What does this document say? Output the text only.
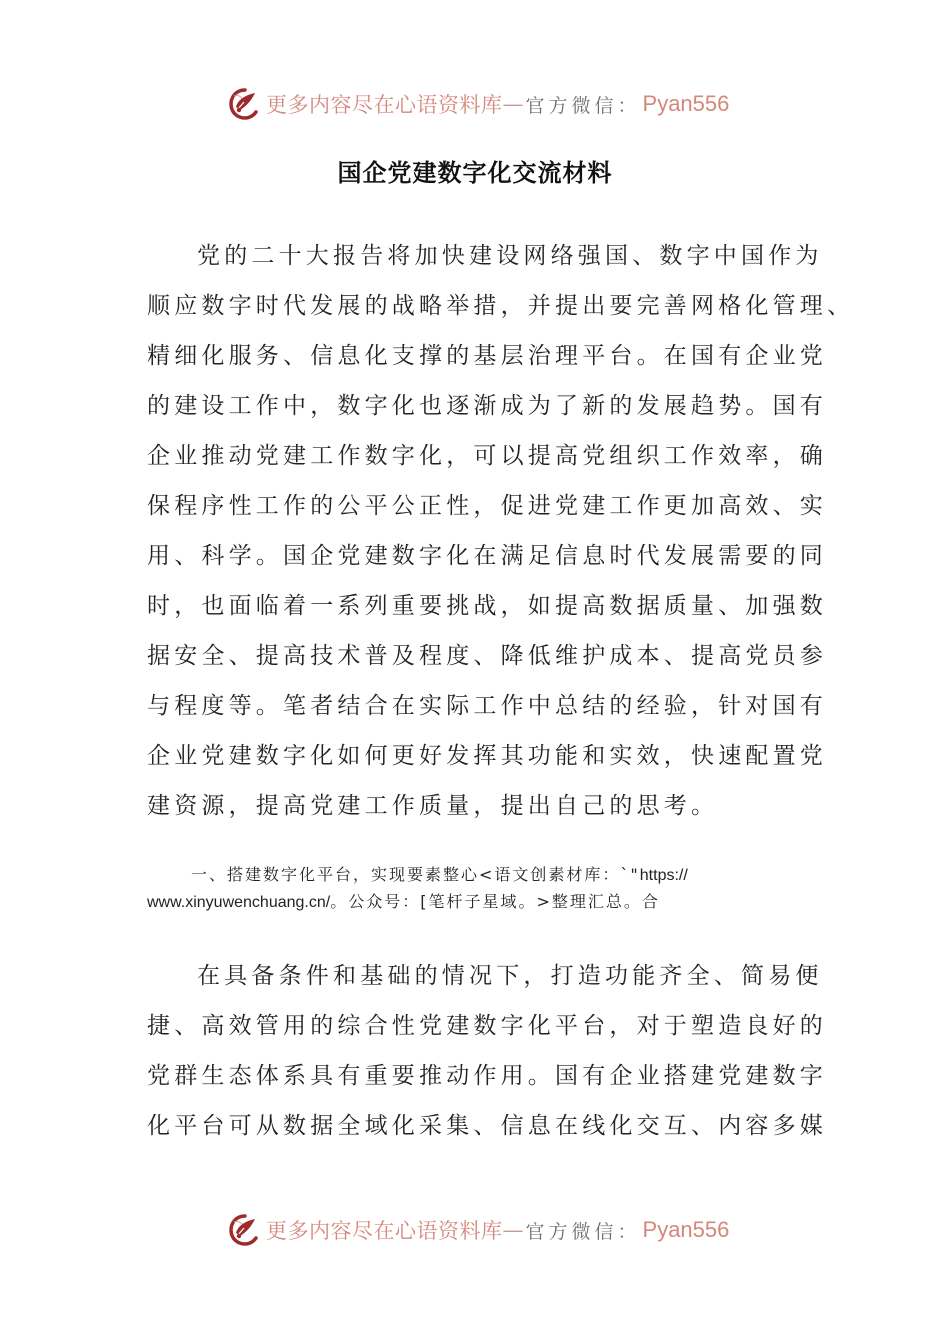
更多内容尽在心语资料库 — 官方微信： Pyan556
国企党建数字化交流材料
党的二十大报告将加快建设网络强国、数字中国作为
顺应数字时代发展的战略举措，并提出要完善网格化管理、
精细化服务、信息化支撑的基层治理平台。在国有企业党
的建设工作中，数字化也逐渐成为了新的发展趋势。国有
企业推动党建工作数字化，可以提高党组织工作效率，确
保程序性工作的公平公正性，促进党建工作更加高效、实
用、科学。国企党建数字化在满足信息时代发展需要的同
时，也面临着一系列重要挑战，如提高数据质量、加强数
据安全、提高技术普及程度、降低维护成本、提高党员参
与程度等。笔者结合在实际工作中总结的经验，针对国有
企业党建数字化如何更好发挥其功能和实效，快速配置党
建资源，提高党建工作质量，提出自己的思考。
一、搭建数字化平台，实现要素整心<语文创素材库：`"https://
www.xinyuwenchuang.cn/。公众号：[笔杆子星域。>整理汇总。合
在具备条件和基础的情况下，打造功能齐全、简易便
捷、高效管用的综合性党建数字化平台，对于塑造良好的
党群生态体系具有重要推动作用。国有企业搭建党建数字
化平台可从数据全域化采集、信息在线化交互、内容多媒
更多内容尽在心语资料库 — 官方微信： Pyan556
